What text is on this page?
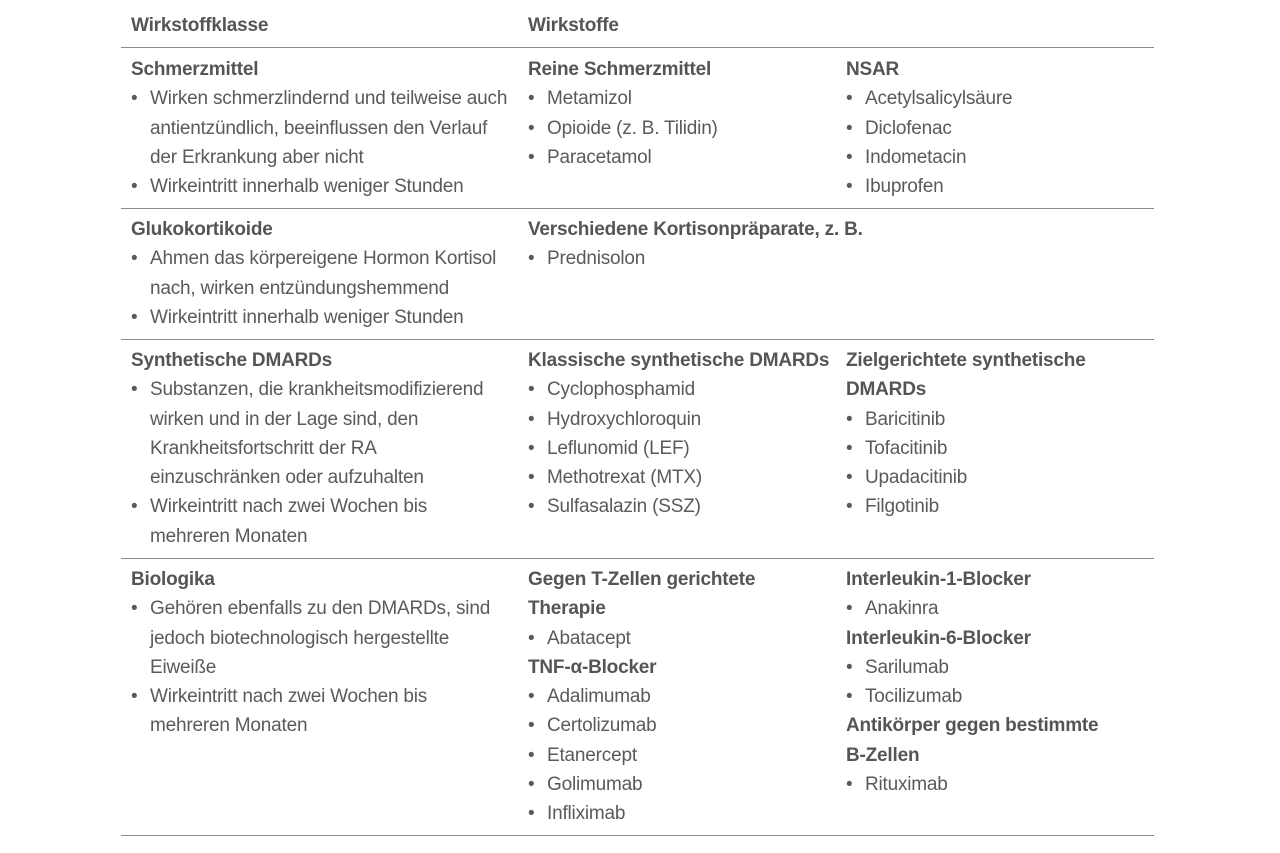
Wirkstoffklasse	Wirkstoffe
Schmerzmittel
• Wirken schmerzlindernd und teilweise auch
antientzündlich, beeinflussen den Verlauf
der Erkrankung aber nicht
• Wirkeintritt innerhalb weniger Stunden
Reine Schmerzmittel
• Metamizol
• Opioide (z. B. Tilidin)
• Paracetamol
NSAR
• Acetylsalicylsäure
• Diclofenac
• Indometacin
• Ibuprofen
Glukokortikoide
• Ahmen das körpereigene Hormon Kortisol
nach, wirken entzündungshemmend
• Wirkeintritt innerhalb weniger Stunden
Verschiedene Kortisonpräparate, z. B.
• Prednisolon
Synthetische DMARDs
• Substanzen, die krankheitsmodifizierend
wirken und in der Lage sind, den
Krankheitsfortschritt der RA
einzuschränken oder aufzuhalten
• Wirkeintritt nach zwei Wochen bis
mehreren Monaten
Klassische synthetische DMARDs
• Cyclophosphamid
• Hydroxychloroquin
• Leflunomid (LEF)
• Methotrexat (MTX)
• Sulfasalazin (SSZ)
Zielgerichtete synthetische
DMARDs
• Baricitinib
• Tofacitinib
• Upadacitinib
• Filgotinib
Biologika
• Gehören ebenfalls zu den DMARDs, sind
jedoch biotechnologisch hergestellte
Eiweiße
• Wirkeintritt nach zwei Wochen bis
mehreren Monaten
Gegen T-Zellen gerichtete
Therapie
• Abatacept
TNF-α-Blocker
• Adalimumab
• Certolizumab
• Etanercept
• Golimumab
• Infliximab
Interleukin-1-Blocker
• Anakinra
Interleukin-6-Blocker
• Sarilumab
• Tocilizumab
Antikörper gegen bestimmte
B-Zellen
• Rituximab
